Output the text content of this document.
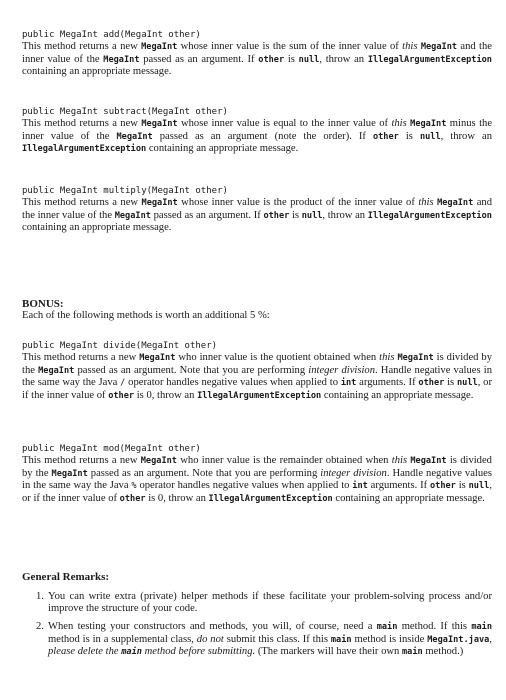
public MegaInt add(MegaInt other)

This method returns a new MegaInt whose inner value is the sum of the inner value of this MegaInt and the inner value of the MegaInt passed as an argument. If other is null, throw an IllegalArgumentException containing an appropriate message.

public MegaInt subtract(MegaInt other)

This method returns a new MegaInt whose inner value is equal to the inner value of this MegaInt minus the inner value of the MegaInt passed as an argument (note the order). If other is null, throw an IllegalArgumentException containing an appropriate message.

public MegaInt multiply(MegaInt other)

This method returns a new MegaInt whose inner value is the product of the inner value of this MegaInt and the inner value of the MegaInt passed as an argument. If other is null, throw an IllegalArgumentException containing an appropriate message.

BONUS:
Each of the following methods is worth an additional 5 %:
public MegaInt divide(MegaInt other)

This method returns a new MegaInt who inner value is the quotient obtained when this MegaInt is divided by the MegaInt passed as an argument. Note that you are performing integer division. Handle negative values in the same way the Java / operator handles negative values when applied to int arguments. If other is null, or if the inner value of other is 0, throw an IllegalArgumentException containing an appropriate message.

public MegaInt mod(MegaInt other)

This method returns a new MegaInt who inner value is the remainder obtained when this MegaInt is divided by the MegaInt passed as an argument. Note that you are performing integer division. Handle negative values in the same way the Java % operator handles negative values when applied to int arguments. If other is null, or if the inner value of other is 0, throw an IllegalArgumentException containing an appropriate message.

General Remarks:
1. You can write extra (private) helper methods if these facilitate your problem-solving process and/or improve the structure of your code.
2. When testing your constructors and methods, you will, of course, need a main method. If this main method is in a supplemental class, do not submit this class. If this main method is inside MegaInt.java, please delete the main method before submitting. (The markers will have their own main method.)
